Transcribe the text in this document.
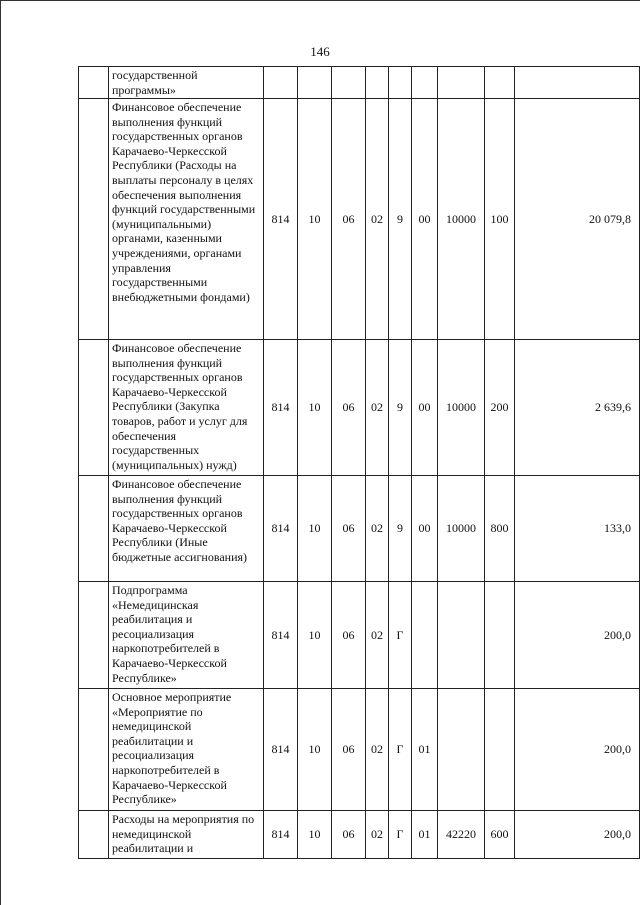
146
	государственной программы»									
	Финансовое обеспечение выполнения функций государственных органов Карачаево-Черкесской Республики (Расходы на выплаты персоналу в целях обеспечения выполнения функций государственными (муниципальными) органами, казенными учреждениями, органами управления государственными внебюджетными фондами)	814	10	06	02	9	00	10000	100	20 079,8
	Финансовое обеспечение выполнения функций государственных органов Карачаево-Черкесской Республики (Закупка товаров, работ и услуг для обеспечения государственных (муниципальных) нужд)	814	10	06	02	9	00	10000	200	2 639,6
	Финансовое обеспечение выполнения функций государственных органов Карачаево-Черкесской Республики (Иные бюджетные ассигнования)	814	10	06	02	9	00	10000	800	133,0
	Подпрограмма «Немедицинская реабилитация и ресоциализация наркопотребителей в Карачаево-Черкесской Республике»	814	10	06	02	Г				200,0
	Основное мероприятие «Мероприятие по немедицинской реабилитации и ресоциализация наркопотребителей в Карачаево-Черкесской Республике»	814	10	06	02	Г	01			200,0
	Расходы на мероприятия по немедицинской реабилитации и	814	10	06	02	Г	01	42220	600	200,0
